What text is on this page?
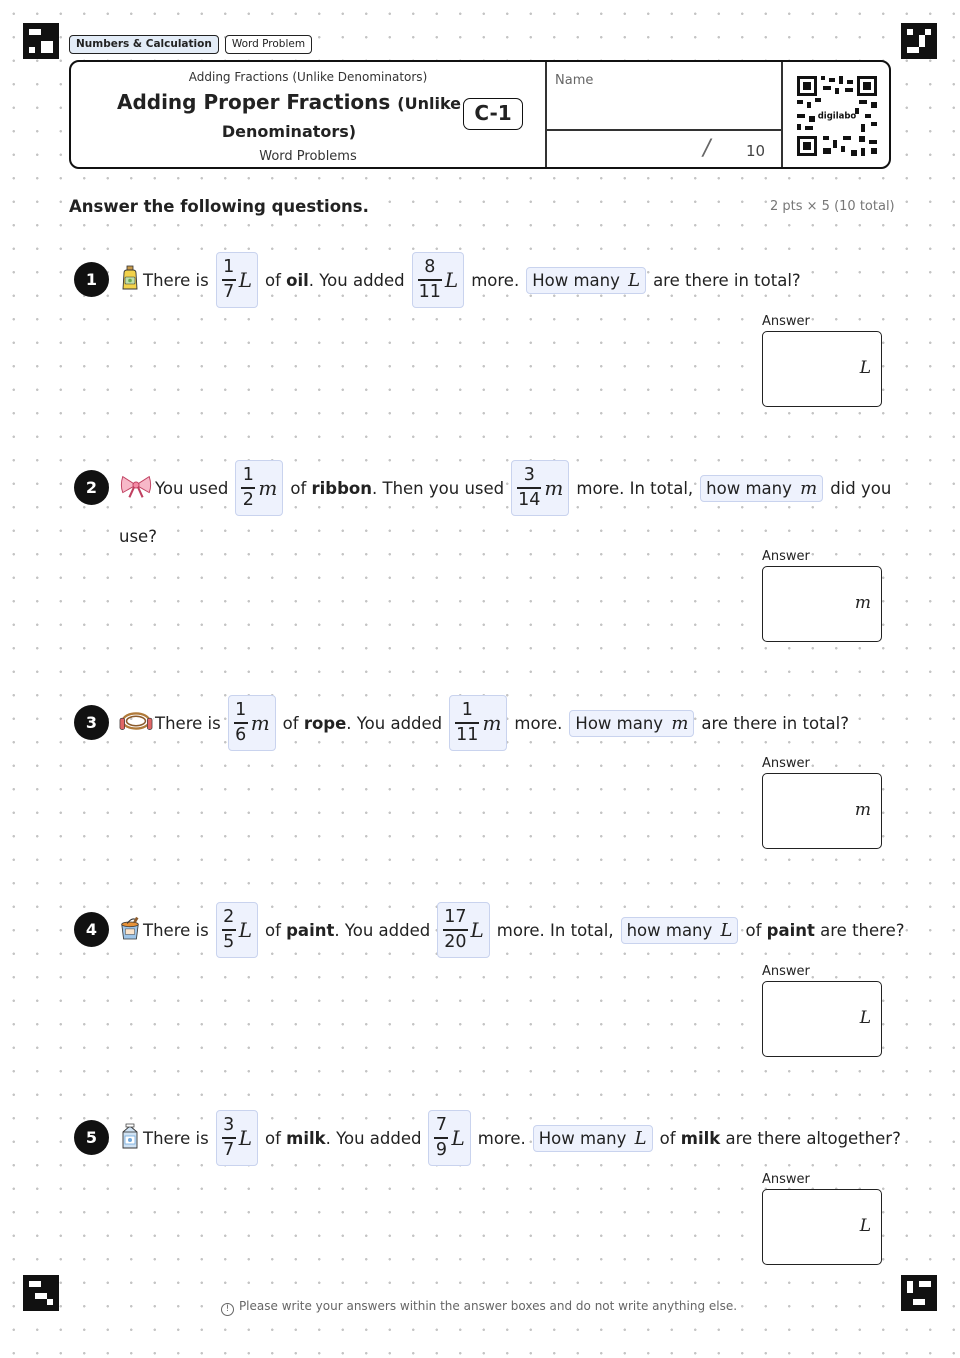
Numbers & Calculation	Word Problem
Adding Fractions (Unlike Denominators)
Adding Proper Fractions (Unlike
Denominators)
C-1
Word Problems
Name
/ 10
digilabo
Answer the following questions.	2 pts × 5 (10 total)
1	There is
1
7 L of oil. You added
8
11 L more. How many L are there in total?
Answer
L
2	You used
1
2 m of ribbon. Then you used
3
14 m more. In total, how many m did you
use?
Answer
m
3	There is
1
6 m of rope. You added
1
11 m more. How many m are there in total?
Answer
m
4	There is
2
5 L of paint. You added
17
20 L more. In total, how many L of paint are there?
Answer
L
5	There is
3
7 L of milk. You added
7
9 L more. How many L of milk are there altogether?
Answer
L
! Please write your answers within the answer boxes and do not write anything else.
